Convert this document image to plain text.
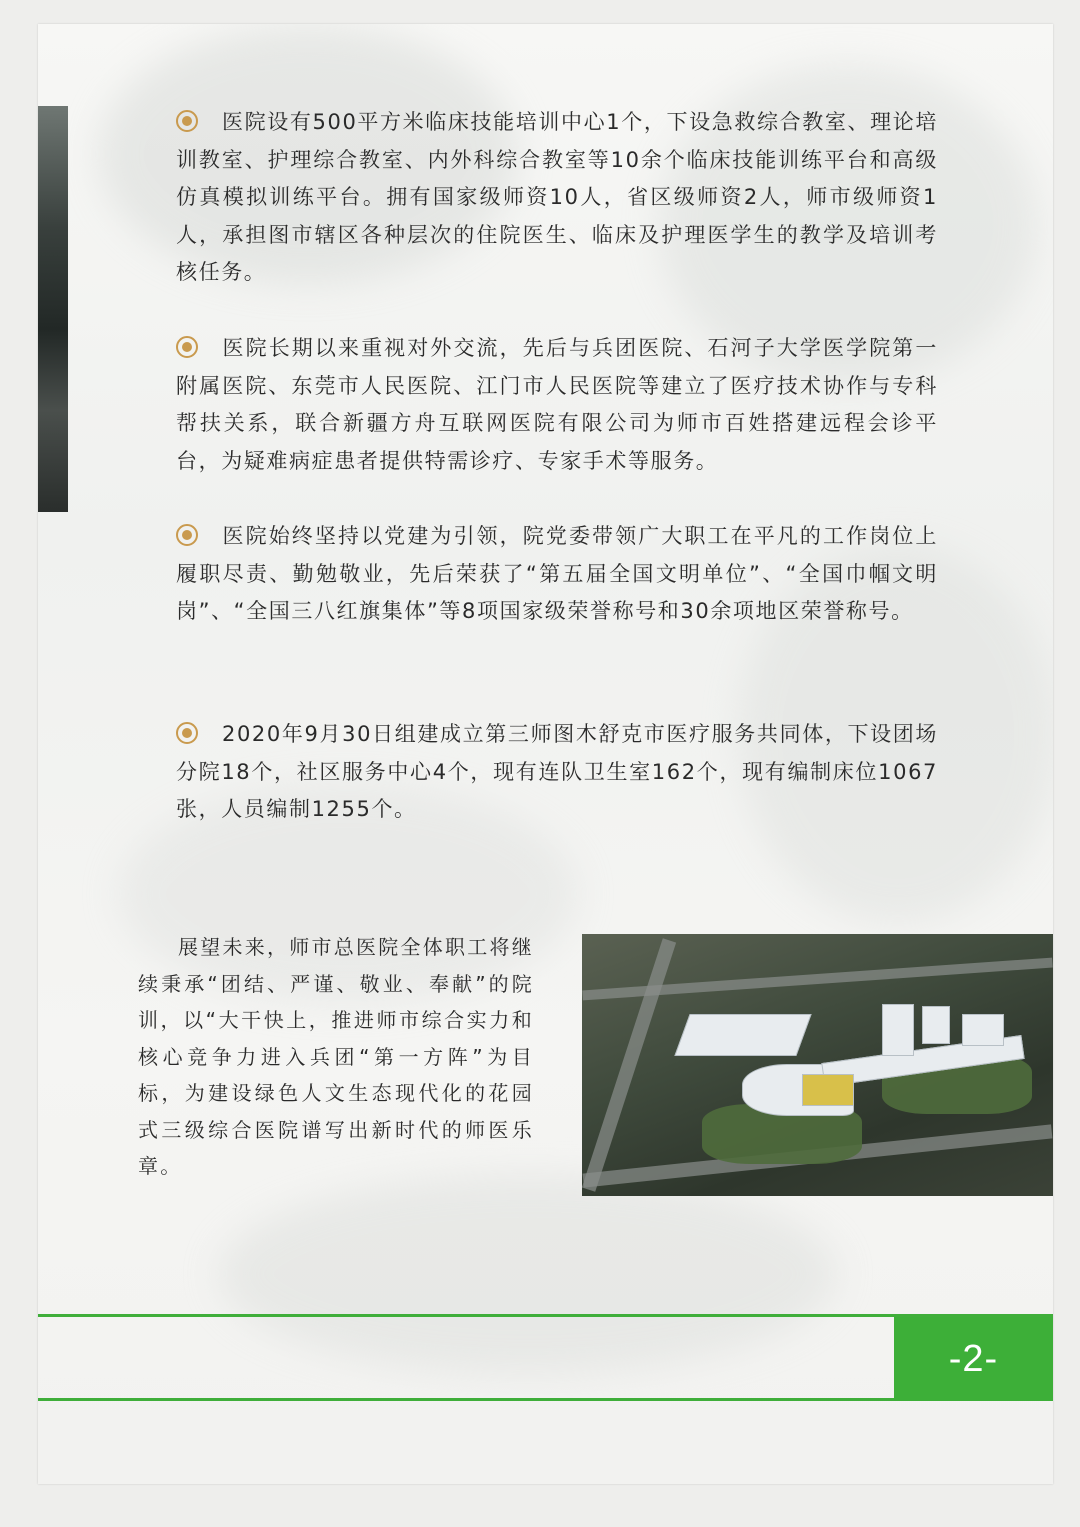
医院设有500平方米临床技能培训中心1个，下设急救综合教室、理论培训教室、护理综合教室、内外科综合教室等10余个临床技能训练平台和高级仿真模拟训练平台。拥有国家级师资10人，省区级师资2人，师市级师资1人，承担图市辖区各种层次的住院医生、临床及护理医学生的教学及培训考核任务。

医院长期以来重视对外交流，先后与兵团医院、石河子大学医学院第一附属医院、东莞市人民医院、江门市人民医院等建立了医疗技术协作与专科帮扶关系，联合新疆方舟互联网医院有限公司为师市百姓搭建远程会诊平台，为疑难病症患者提供特需诊疗、专家手术等服务。

医院始终坚持以党建为引领，院党委带领广大职工在平凡的工作岗位上履职尽责、勤勉敬业，先后荣获了“第五届全国文明单位”、“全国巾帼文明岗”、“全国三八红旗集体”等8项国家级荣誉称号和30余项地区荣誉称号。

2020年9月30日组建成立第三师图木舒克市医疗服务共同体，下设团场分院18个，社区服务中心4个，现有连队卫生室162个，现有编制床位1067张，人员编制1255个。

展望未来，师市总医院全体职工将继续秉承“团结、严谨、敬业、奉献”的院训，以“大干快上，推进师市综合实力和核心竞争力进入兵团“第一方阵”为目标，为建设绿色人文生态现代化的花园式三级综合医院谱写出新时代的师医乐章。

-2-
